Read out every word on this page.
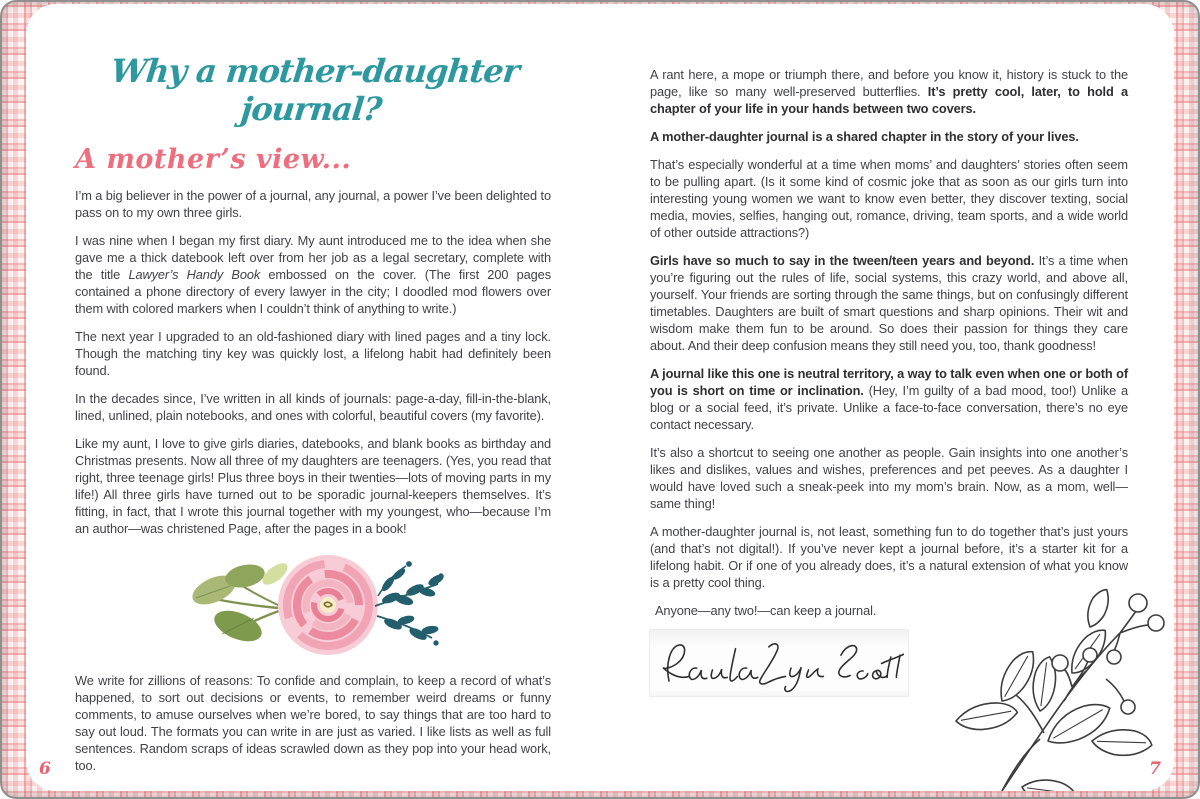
Why a mother-daughter journal?
A mother’s view...

I’m a big believer in the power of a journal, any journal, a power I’ve been delighted to pass on to my own three girls.

I was nine when I began my first diary. My aunt introduced me to the idea when she gave me a thick datebook left over from her job as a legal secretary, complete with the title Lawyer’s Handy Book embossed on the cover. (The first 200 pages contained a phone directory of every lawyer in the city; I doodled mod flowers over them with colored markers when I couldn’t think of anything to write.)

The next year I upgraded to an old-fashioned diary with lined pages and a tiny lock. Though the matching tiny key was quickly lost, a lifelong habit had definitely been found.

In the decades since, I’ve written in all kinds of journals: page-a-day, fill-in-the-blank, lined, unlined, plain notebooks, and ones with colorful, beautiful covers (my favorite).

Like my aunt, I love to give girls diaries, datebooks, and blank books as birthday and Christmas presents. Now all three of my daughters are teenagers. (Yes, you read that right, three teenage girls! Plus three boys in their twenties—lots of moving parts in my life!) All three girls have turned out to be sporadic journal-keepers themselves. It’s fitting, in fact, that I wrote this journal together with my youngest, who—because I’m an author—was christened Page, after the pages in a book!

We write for zillions of reasons: To confide and complain, to keep a record of what’s happened, to sort out decisions or events, to remember weird dreams or funny comments, to amuse ourselves when we’re bored, to say things that are too hard to say out loud. The formats you can write in are just as varied. I like lists as well as full sentences. Random scraps of ideas scrawled down as they pop into your head work, too.

A rant here, a mope or triumph there, and before you know it, history is stuck to the page, like so many well-preserved butterflies. It’s pretty cool, later, to hold a chapter of your life in your hands between two covers.

A mother-daughter journal is a shared chapter in the story of your lives.

That’s especially wonderful at a time when moms’ and daughters’ stories often seem to be pulling apart. (Is it some kind of cosmic joke that as soon as our girls turn into interesting young women we want to know even better, they discover texting, social media, movies, selfies, hanging out, romance, driving, team sports, and a wide world of other outside attractions?)

Girls have so much to say in the tween/teen years and beyond. It’s a time when you’re figuring out the rules of life, social systems, this crazy world, and above all, yourself. Your friends are sorting through the same things, but on confusingly different timetables. Daughters are built of smart questions and sharp opinions. Their wit and wisdom make them fun to be around. So does their passion for things they care about. And their deep confusion means they still need you, too, thank goodness!

A journal like this one is neutral territory, a way to talk even when one or both of you is short on time or inclination. (Hey, I’m guilty of a bad mood, too!) Unlike a blog or a social feed, it’s private. Unlike a face-to-face conversation, there’s no eye contact necessary.

It’s also a shortcut to seeing one another as people. Gain insights into one another’s likes and dislikes, values and wishes, preferences and pet peeves. As a daughter I would have loved such a sneak-peek into my mom’s brain. Now, as a mom, well—same thing!

A mother-daughter journal is, not least, something fun to do together that’s just yours (and that’s not digital!). If you’ve never kept a journal before, it’s a starter kit for a lifelong habit. Or if one of you already does, it’s a natural extension of what you know is a pretty cool thing.

Anyone—any two!—can keep a journal.

6	7
